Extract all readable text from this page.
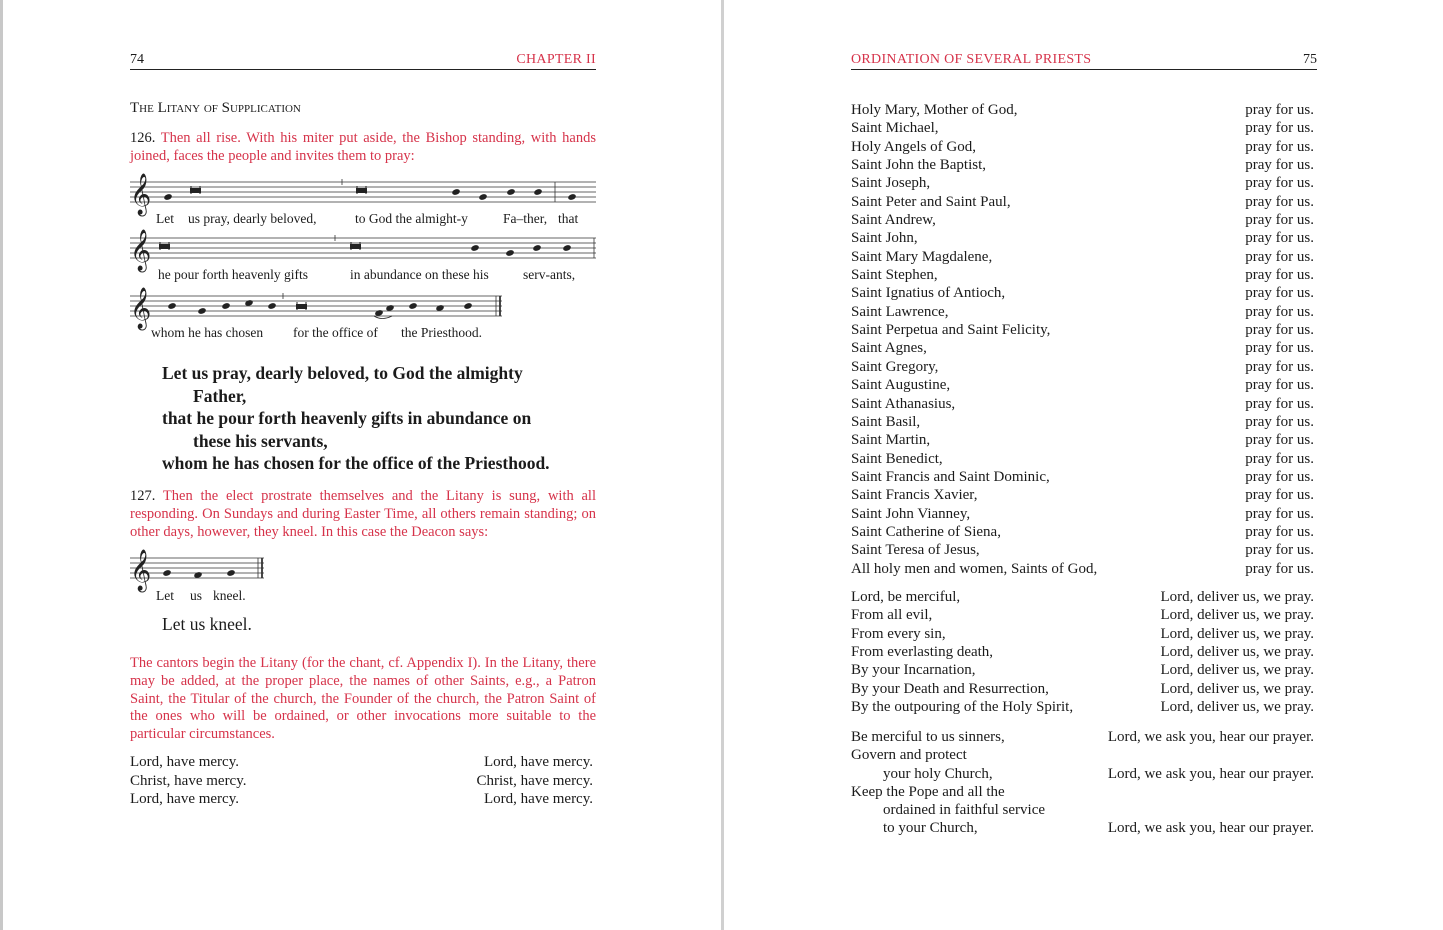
74	CHAPTER II
The Litany of Supplication
126. Then all rise. With his miter put aside, the Bishop standing, with hands joined, faces the people and invites them to pray:
𝄞
Let us pray, dearly beloved,	to God the almight-y	Fa–ther, that
𝄞
he pour forth heavenly gifts	in abundance on these his	serv-ants,
𝄞
whom he has chosen for the office of the Priesthood.
Let us pray, dearly beloved, to God the almighty
Father,
that he pour forth heavenly gifts in abundance on
these his servants,
whom he has chosen for the office of the Priesthood.
127. Then the elect prostrate themselves and the Litany is sung, with all responding. On Sundays and during Easter Time, all others remain standing; on other days, however, they kneel. In this case the Deacon says:
𝄞
Let us kneel.
Let us kneel.
The cantors begin the Litany (for the chant, cf. Appendix I). In the Litany, there may be added, at the proper place, the names of other Saints, e.g., a Patron Saint, the Titular of the church, the Founder of the church, the Patron Saint of the ones who will be ordained, or other invocations more suitable to the particular circumstances.
Lord, have mercy.	Lord, have mercy.
Christ, have mercy.	Christ, have mercy.
Lord, have mercy.	Lord, have mercy.
ORDINATION OF SEVERAL PRIESTS	75
Holy Mary, Mother of God,	pray for us.
Saint Michael,	pray for us.
Holy Angels of God,	pray for us.
Saint John the Baptist,	pray for us.
Saint Joseph,	pray for us.
Saint Peter and Saint Paul,	pray for us.
Saint Andrew,	pray for us.
Saint John,	pray for us.
Saint Mary Magdalene,	pray for us.
Saint Stephen,	pray for us.
Saint Ignatius of Antioch,	pray for us.
Saint Lawrence,	pray for us.
Saint Perpetua and Saint Felicity,	pray for us.
Saint Agnes,	pray for us.
Saint Gregory,	pray for us.
Saint Augustine,	pray for us.
Saint Athanasius,	pray for us.
Saint Basil,	pray for us.
Saint Martin,	pray for us.
Saint Benedict,	pray for us.
Saint Francis and Saint Dominic,	pray for us.
Saint Francis Xavier,	pray for us.
Saint John Vianney,	pray for us.
Saint Catherine of Siena,	pray for us.
Saint Teresa of Jesus,	pray for us.
All holy men and women, Saints of God,	pray for us.
Lord, be merciful,	Lord, deliver us, we pray.
From all evil,	Lord, deliver us, we pray.
From every sin,	Lord, deliver us, we pray.
From everlasting death,	Lord, deliver us, we pray.
By your Incarnation,	Lord, deliver us, we pray.
By your Death and Resurrection,	Lord, deliver us, we pray.
By the outpouring of the Holy Spirit,	Lord, deliver us, we pray.
Be merciful to us sinners,	Lord, we ask you, hear our prayer.
Govern and protect
your holy Church,	Lord, we ask you, hear our prayer.
Keep the Pope and all the
ordained in faithful service
to your Church,	Lord, we ask you, hear our prayer.
